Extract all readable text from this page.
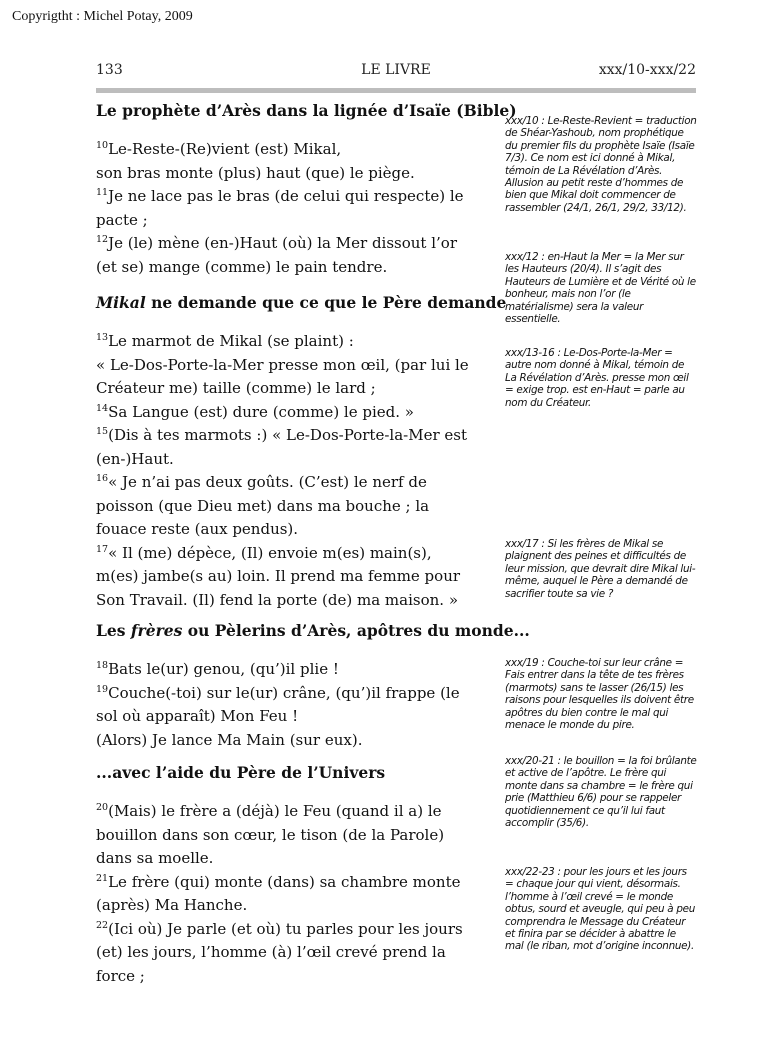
Copyrigtht : Michel Potay, 2009
133	LE LIVRE	xxx/10-xxx/22
Le prophète d’Arès dans la lignée d’Isaïe (Bible)

$^{10}$Le-Reste-(Re)vient (est) Mikal,
son bras monte (plus) haut (que) le piège.

$^{11}$Je ne lace pas le bras (de celui qui respecte) le
pacte ;

$^{12}$Je (le) mène (en-)Haut (où) la Mer dissout l’or
(et se) mange (comme) le pain tendre.

Mikal ne demande que ce que le Père demande

$^{13}$Le marmot de Mikal (se plaint) :
« Le-Dos-Porte-la-Mer presse mon œil, (par lui le
Créateur me) taille (comme) le lard ;

$^{14}$Sa Langue (est) dure (comme) le pied. »

$^{15}$(Dis à tes marmots :) « Le-Dos-Porte-la-Mer est
(en-)Haut.

$^{16}$« Je n’ai pas deux goûts. (C’est) le nerf de
poisson (que Dieu met) dans ma bouche ; la
fouace reste (aux pendus).

$^{17}$« Il (me) dépèce, (Il) envoie m(es) main(s),
m(es) jambe(s au) loin. Il prend ma femme pour
Son Travail. (Il) fend la porte (de) ma maison. »

Les frères ou Pèlerins d’Arès, apôtres du monde...

$^{18}$Bats le(ur) genou, (qu’)il plie !

$^{19}$Couche(-toi) sur le(ur) crâne, (qu’)il frappe (le
sol où apparaît) Mon Feu !
(Alors) Je lance Ma Main (sur eux).

...avec l’aide du Père de l’Univers

$^{20}$(Mais) le frère a (déjà) le Feu (quand il a) le
bouillon dans son cœur, le tison (de la Parole)
dans sa moelle.

$^{21}$Le frère (qui) monte (dans) sa chambre monte
(après) Ma Hanche.

$^{22}$(Ici où) Je parle (et où) tu parles pour les jours
(et) les jours, l’homme (à) l’œil crevé prend la
force ;

xxx/10 : Le-Reste-Revient = traduction de Shéar-Yashoub, nom prophétique du premier fils du prophète Isaïe (Isaïe 7/3). Ce nom est ici donné à Mikal, témoin de La Révélation d’Arès. Allusion au petit reste d’hommes de bien que Mikal doit commencer de rassembler (24/1, 26/1, 29/2, 33/12).
xxx/12 : en-Haut la Mer = la Mer sur les Hauteurs (20/4). Il s’agit des Hauteurs de Lumière et de Vérité où le bonheur, mais non l’or (le matérialisme) sera la valeur essentielle.
xxx/13-16 : Le-Dos-Porte-la-Mer = autre nom donné à Mikal, témoin de La Révélation d’Arès. presse mon œil = exige trop. est en-Haut = parle au nom du Créateur.
xxx/17 : Si les frères de Mikal se plaignent des peines et difficultés de leur mission, que devrait dire Mikal lui-même, auquel le Père a demandé de sacrifier toute sa vie ?
xxx/19 : Couche-toi sur leur crâne = Fais entrer dans la tête de tes frères (marmots) sans te lasser (26/15) les raisons pour lesquelles ils doivent être apôtres du bien contre le mal qui menace le monde du pire.
xxx/20-21 : le bouillon = la foi brûlante et active de l’apôtre. Le frère qui monte dans sa chambre = le frère qui prie (Matthieu 6/6) pour se rappeler quotidiennement ce qu’il lui faut accomplir (35/6).
xxx/22-23 : pour les jours et les jours = chaque jour qui vient, désormais. l’homme à l’œil crevé = le monde obtus, sourd et aveugle, qui peu à peu comprendra le Message du Créateur et finira par se décider à abattre le mal (le riban, mot d’origine inconnue).
